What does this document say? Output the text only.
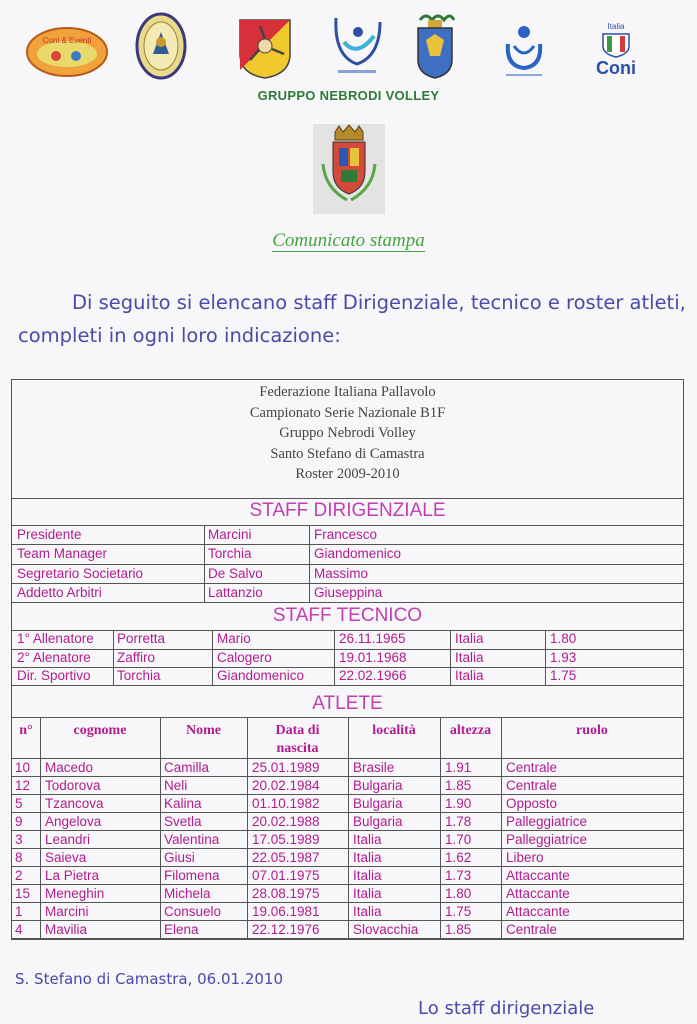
Coni & Eventi
Italia
Coni
GRUPPO NEBRODI VOLLEY
Comunicato stampa
Di seguito si elencano staff Dirigenziale, tecnico e roster atleti, completi in ogni loro indicazione:
Federazione Italiana Pallavolo
Campionato Serie Nazionale B1F
Gruppo Nebrodi Volley
Santo Stefano di Camastra
Roster 2009-2010
STAFF DIRIGENZIALE
Presidente	Marcini	Francesco
Team Manager	Torchia	Giandomenico
Segretario Societario	De Salvo	Massimo
Addetto Arbitri	Lattanzio	Giuseppina
STAFF TECNICO
1° Allenatore Porretta	Mario	26.11.1965	Italia	1.80
2° Alenatore Zaffiro	Calogero	19.01.1968	Italia	1.93
Dir. Sportivo Torchia	Giandomenico	22.02.1966	Italia	1.75
ATLETE
n°	cognome	Nome	Data di
nascita
località	altezza	ruolo
10 Macedo	Camilla	25.01.1989 Brasile	1.91	Centrale
12 Todorova	Neli	20.02.1984 Bulgaria	1.85	Centrale
5 Tzancova	Kalina	01.10.1982 Bulgaria	1.90	Opposto
9 Angelova	Svetla	20.02.1988 Bulgaria	1.78	Palleggiatrice
3 Leandri	Valentina 17.05.1989 Italia	1.70	Palleggiatrice
8 Saieva	Giusi	22.05.1987 Italia	1.62	Libero
2 La Pietra	Filomena 07.01.1975 Italia	1.73	Attaccante
15 Meneghin	Michela	28.08.1975 Italia	1.80	Attaccante
1 Marcini	Consuelo 19.06.1981 Italia	1.75	Attaccante
4 Mavilia	Elena	22.12.1976 Slovacchia 1.85	Centrale
S. Stefano di Camastra, 06.01.2010
Lo staff dirigenziale
